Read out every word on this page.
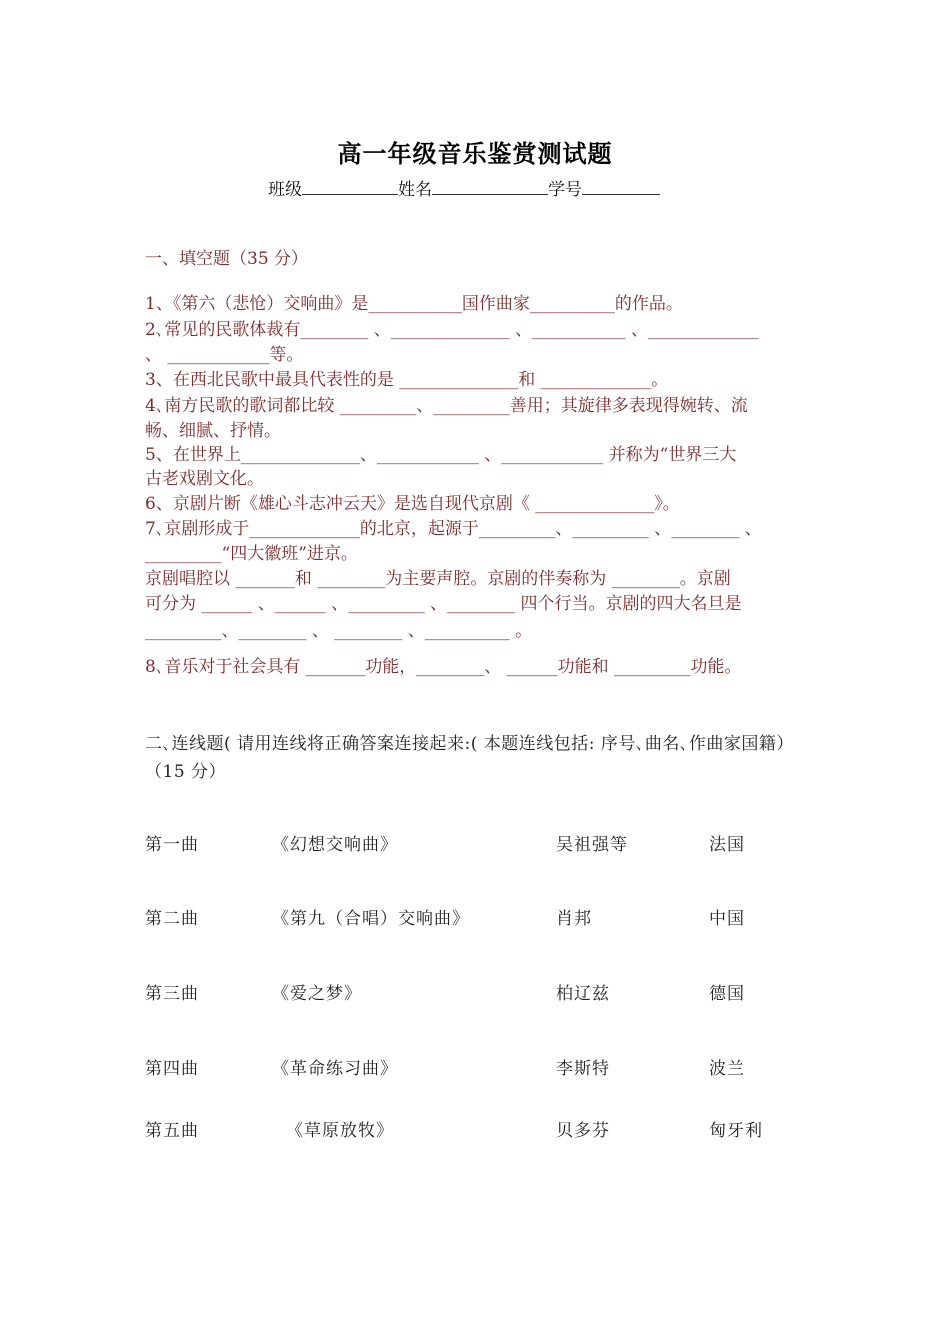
高一年级音乐鉴赏测试题
班级	姓名	学号
一、填空题（35 分）
1、《第六（悲怆）交响曲》是___________国作曲家__________的作品。
2､常见的民歌体裁有________ 、______________ 、___________ 、_____________
、 ____________等。
3、在西北民歌中最具代表性的是 ______________和 _____________。
4､南方民歌的歌词都比较 _________、_________善用；其旋律多表现得婉转、流
畅、细腻、抒情。
5、在世界上______________、____________ 、____________ 并称为“世界三大
古老戏剧文化。
6、京剧片断《雄心斗志冲云天》是选自现代京剧《 ______________》。
7､京剧形成于_____________的北京，起源于_________、_________ 、________ 、
_________“四大徽班”进京。
京剧唱腔以 _______和 ________为主要声腔。京剧的伴奏称为 ________。京剧
可分为 ______ 、______ 、_________ 、________ 四个行当。京剧的四大名旦是
_________、________ 、 ________ 、__________ 。
8､音乐对于社会具有 _______功能，________、 ______功能和 _________功能。
二､连线题( 请用连线将正确答案连接起来:( 本题连线包括: 序号､曲名､作曲家国籍）（15 分）
第一曲	《幻想交响曲》	吴祖强等	法国
第二曲	《第九（合唱）交响曲》	肖邦	中国
第三曲	《爱之梦》	柏辽兹	德国
第四曲	《革命练习曲》	李斯特	波兰
第五曲	《草原放牧》	贝多芬	匈牙利
